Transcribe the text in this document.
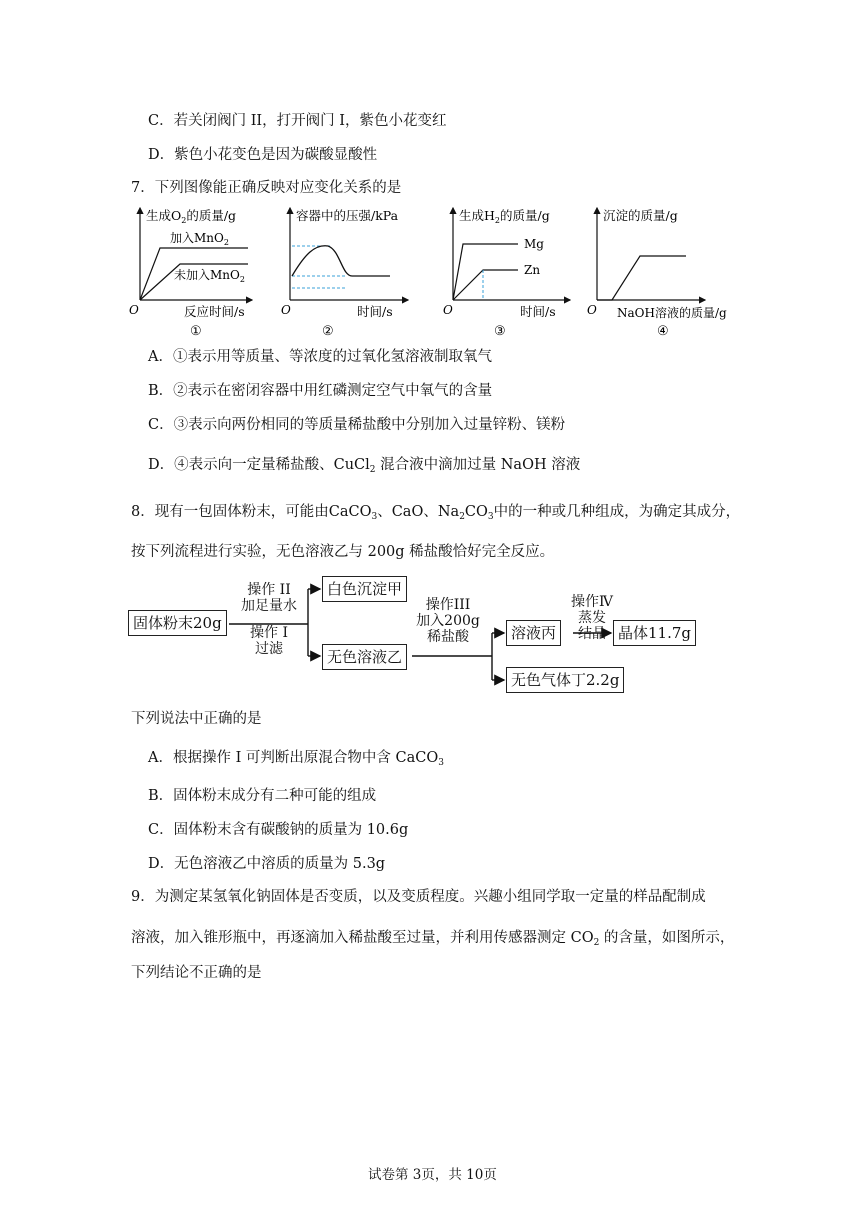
C．若关闭阀门 II，打开阀门 I，紫色小花变红
D．紫色小花变色是因为碳酸显酸性
7．下列图像能正确反映对应变化关系的是
生成$O_2$的质量/g
加入MnO$_2$
未加入MnO$_2$
O	反应时间/s
①
容器中的压强/kPa
O	时间/s
②
生成$H_2$的质量/g
Mg
Zn
O	时间/s
③
沉淀的质量/g
O NaOH溶液的质量/g
④
A．①表示用等质量、等浓度的过氧化氢溶液制取氧气
B．②表示在密闭容器中用红磷测定空气中氧气的含量
C．③表示向两份相同的等质量稀盐酸中分别加入过量锌粉、镁粉
D．④表示向一定量稀盐酸、CuCl$_2$ 混合液中滴加过量 NaOH 溶液
8．现有一包固体粉末，可能由CaCO$_3$、CaO、$Na_2CO_3$中的一种或几种组成，为确定其成分，
按下列流程进行实验，无色溶液乙与 200g 稀盐酸恰好完全反应。
固体粉末20g
操作 II
加足量水
操作 I
过滤
白色沉淀甲
无色溶液乙
操作III
加入200g
稀盐酸	溶液丙
无色气体丁2.2g
操作Ⅳ
蒸发
结晶 晶体11.7g
下列说法中正确的是
A．根据操作 I 可判断出原混合物中含 CaCO$_3$
B．固体粉末成分有二种可能的组成
C．固体粉末含有碳酸钠的质量为 10.6g
D．无色溶液乙中溶质的质量为 5.3g
9．为测定某氢氧化钠固体是否变质，以及变质程度。兴趣小组同学取一定量的样品配制成
溶液，加入锥形瓶中，再逐滴加入稀盐酸至过量，并利用传感器测定 $CO_2$ 的含量，如图所示，
下列结论不正确的是
试卷第 3页，共 10页
